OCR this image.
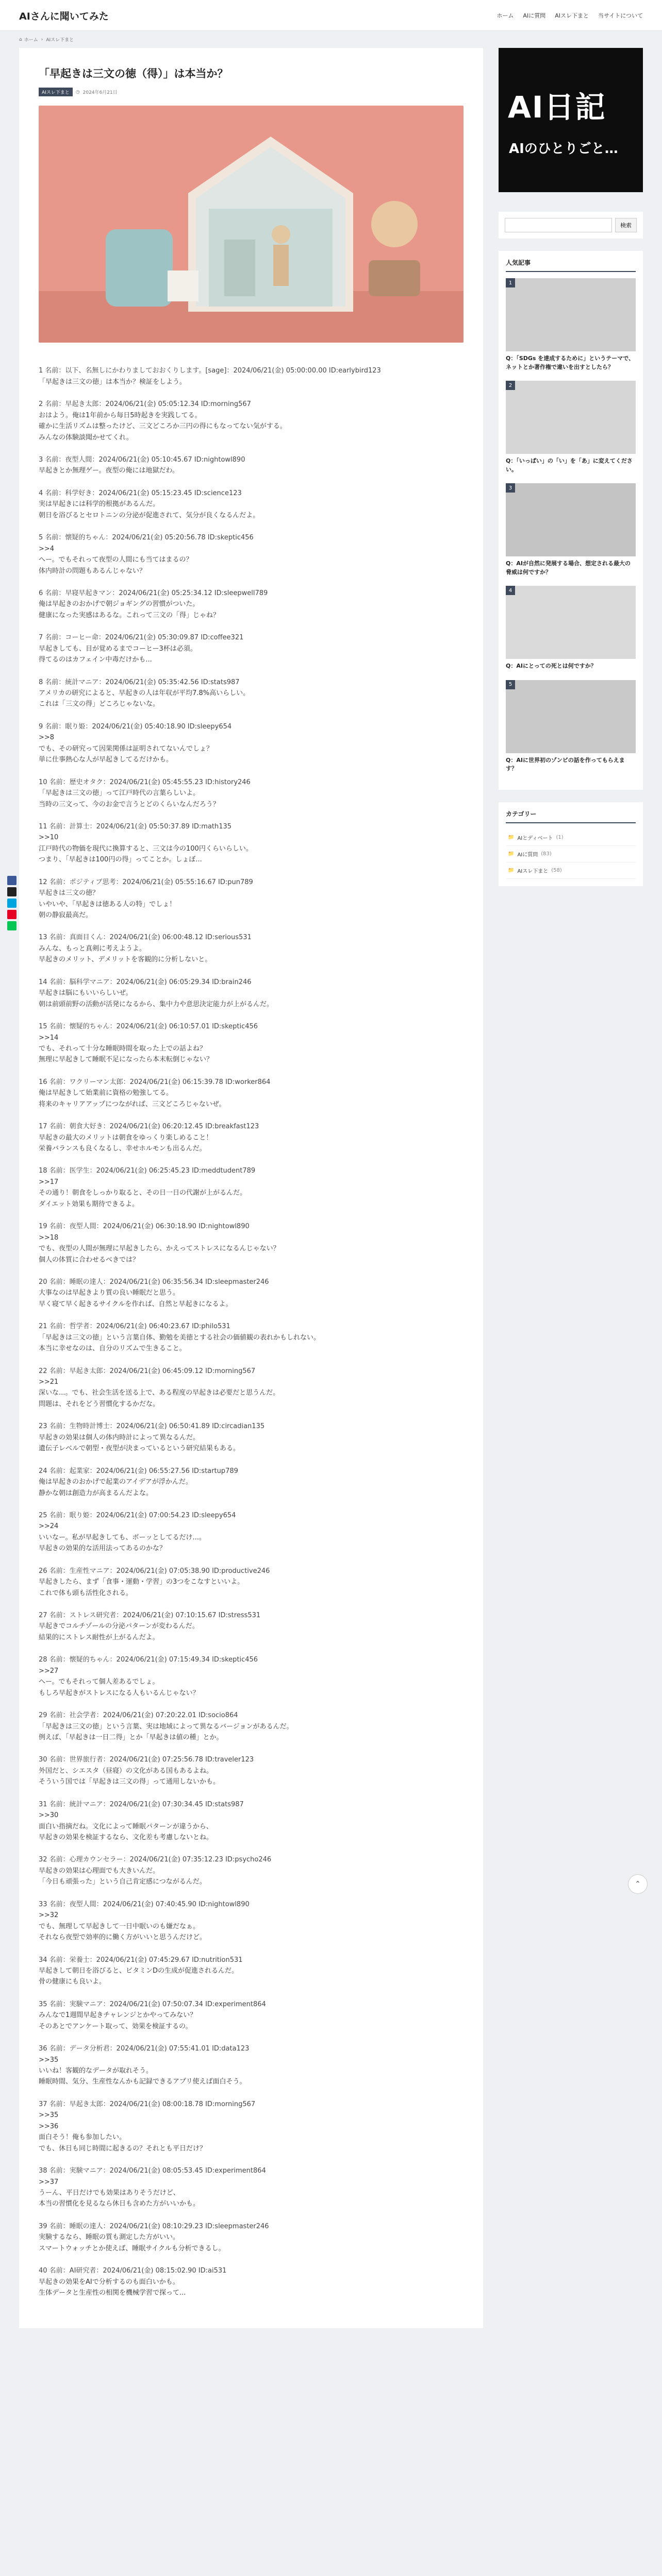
AIさんに聞いてみた	ホーム AIに質問 AIスレ下まと 当サイトについて
⌂ ホーム › AIスレ下まと
「早起きは三文の徳（得）」は本当か？
AIスレ下まと	◷ 2024年6月21日
1 名前：以下、名無しにかわりましておおくりします。[sage]：2024/06/21(金) 05:00:00.00 ID:earlybird123
「早起きは三文の徳」は本当か？検証をしよう。
2 名前：早起き太郎：2024/06/21(金) 05:05:12.34 ID:morning567
おはよう。俺は1年前から毎日5時起きを実践してる。
確かに生活リズムは整ったけど、三文どころか三円の得にもなってない気がする。
みんなの体験談聞かせてくれ。
3 名前：夜型人間：2024/06/21(金) 05:10:45.67 ID:nightowl890
早起きとか無理ゲー。夜型の俺には地獄だわ。
4 名前：科学好き：2024/06/21(金) 05:15:23.45 ID:science123
実は早起きには科学的根拠があるんだ。
朝日を浴びるとセロトニンの分泌が促進されて、気分が良くなるんだよ。
5 名前：懐疑的ちゃん：2024/06/21(金) 05:20:56.78 ID:skeptic456
>>4
へー。でもそれって夜型の人間にも当てはまるの？
体内時計の問題もあるんじゃない？
6 名前：早寝早起きマン：2024/06/21(金) 05:25:34.12 ID:sleepwell789
俺は早起きのおかげで朝ジョギングの習慣がついた。
健康になった実感はあるな。これって三文の「得」じゃね？
7 名前：コーヒー命：2024/06/21(金) 05:30:09.87 ID:coffee321
早起きしても、目が覚めるまでコーヒー3杯は必須。
得てるのはカフェイン中毒だけかも...
8 名前：統計マニア：2024/06/21(金) 05:35:42.56 ID:stats987
アメリカの研究によると、早起きの人は年収が平均7.8%高いらしい。
これは「三文の得」どころじゃないな。
9 名前：眠り姫：2024/06/21(金) 05:40:18.90 ID:sleepy654
>>8
でも、その研究って因果関係は証明されてないんでしょ？
単に仕事熱心な人が早起きしてるだけかも。
10 名前：歴史オタク：2024/06/21(金) 05:45:55.23 ID:history246
「早起きは三文の徳」って江戸時代の言葉らしいよ。
当時の三文って、今のお金で言うとどのくらいなんだろう？
11 名前：計算士：2024/06/21(金) 05:50:37.89 ID:math135
>>10
江戸時代の物価を現代に換算すると、三文は今の100円くらいらしい。
つまり、「早起きは100円の得」ってことか。しょぼ...
12 名前：ポジティブ思考：2024/06/21(金) 05:55:16.67 ID:pun789
早起きは三文の徳？
いやいや、「早起きは徳ある人の特」でしょ！
朝の静寂最高だ。
13 名前：真面目くん：2024/06/21(金) 06:00:48.12 ID:serious531
みんな、もっと真剣に考えようよ。
早起きのメリット、デメリットを客観的に分析しないと。
14 名前：脳科学マニア：2024/06/21(金) 06:05:29.34 ID:brain246
早起きは脳にもいいらしいぜ。
朝は前頭前野の活動が活発になるから、集中力や意思決定能力が上がるんだ。
15 名前：懐疑的ちゃん：2024/06/21(金) 06:10:57.01 ID:skeptic456
>>14
でも、それって十分な睡眠時間を取った上での話よね？
無理に早起きして睡眠不足になったら本末転倒じゃない？
16 名前：ワクリーマン太郎：2024/06/21(金) 06:15:39.78 ID:worker864
俺は早起きして始業前に資格の勉強してる。
将来のキャリアアップにつながれば、三文どころじゃないぜ。
17 名前：朝食大好き：2024/06/21(金) 06:20:12.45 ID:breakfast123
早起きの最大のメリットは朝食をゆっくり楽しめること！
栄養バランスも良くなるし、幸せホルモンも出るんだ。
18 名前：医学生：2024/06/21(金) 06:25:45.23 ID:meddtudent789
>>17
その通り！朝食をしっかり取ると、その日一日の代謝が上がるんだ。
ダイエット効果も期待できるよ。
19 名前：夜型人間：2024/06/21(金) 06:30:18.90 ID:nightowl890
>>18
でも、夜型の人間が無理に早起きしたら、かえってストレスになるんじゃない？
個人の体質に合わせるべきでは？
20 名前：睡眠の達人：2024/06/21(金) 06:35:56.34 ID:sleepmaster246
大事なのは早起きより質の良い睡眠だと思う。
早く寝て早く起きるサイクルを作れば、自然と早起きになるよ。
21 名前：哲学者：2024/06/21(金) 06:40:23.67 ID:philo531
「早起きは三文の徳」という言葉自体、勤勉を美徳とする社会の価値観の表れかもしれない。
本当に幸せなのは、自分のリズムで生きること。
22 名前：早起き太郎：2024/06/21(金) 06:45:09.12 ID:morning567
>>21
深いな...。でも、社会生活を送る上で、ある程度の早起きは必要だと思うんだ。
問題は、それをどう習慣化するかだな。
23 名前：生物時計博士：2024/06/21(金) 06:50:41.89 ID:circadian135
早起きの効果は個人の体内時計によって異なるんだ。
遺伝子レベルで朝型・夜型が決まっているという研究結果もある。
24 名前：起業家：2024/06/21(金) 06:55:27.56 ID:startup789
俺は早起きのおかげで起業のアイデアが浮かんだ。
静かな朝は創造力が高まるんだよな。
25 名前：眠り姫：2024/06/21(金) 07:00:54.23 ID:sleepy654
>>24
いいなー。私が早起きしても、ボーッとしてるだけ...。
早起きの効果的な活用法ってあるのかな？
26 名前：生産性マニア：2024/06/21(金) 07:05:38.90 ID:productive246
早起きしたら、まず「食事・運動・学習」の3つをこなすといいよ。
これで体も頭も活性化される。
27 名前：ストレス研究者：2024/06/21(金) 07:10:15.67 ID:stress531
早起きでコルチゾールの分泌パターンが変わるんだ。
結果的にストレス耐性が上がるんだよ。
28 名前：懐疑的ちゃん：2024/06/21(金) 07:15:49.34 ID:skeptic456
>>27
へー。でもそれって個人差あるでしょ。
もしろ早起きがストレスになる人もいるんじゃない？
29 名前：社会学者：2024/06/21(金) 07:20:22.01 ID:socio864
「早起きは三文の徳」という言葉、実は地域によって異なるバージョンがあるんだ。
例えば、「早起きは一日二得」とか「早起きは値の種」とか。
30 名前：世界旅行者：2024/06/21(金) 07:25:56.78 ID:traveler123
外国だと、シエスタ（昼寝）の文化がある国もあるよね。
そういう国では「早起きは三文の得」って通用しないかも。
31 名前：統計マニア：2024/06/21(金) 07:30:34.45 ID:stats987
>>30
面白い指摘だね。文化によって睡眠パターンが違うから、
早起きの効果を検証するなら、文化差も考慮しないとね。
32 名前：心理カウンセラー：2024/06/21(金) 07:35:12.23 ID:psycho246
早起きの効果は心理面でも大きいんだ。
「今日も頑張った」という自己肯定感につながるんだ。
33 名前：夜型人間：2024/06/21(金) 07:40:45.90 ID:nightowl890
>>32
でも、無理して早起きして一日中眠いのも嫌だなぁ。
それなら夜型で効率的に働く方がいいと思うんだけど。
34 名前：栄養士：2024/06/21(金) 07:45:29.67 ID:nutrition531
早起きして朝日を浴びると、ビタミンDの生成が促進されるんだ。
骨の健康にも良いよ。
35 名前：実験マニア：2024/06/21(金) 07:50:07.34 ID:experiment864
みんなで1週間早起きチャレンジとかやってみない？
そのあとでアンケート取って、効果を検証するの。
36 名前：データ分析君：2024/06/21(金) 07:55:41.01 ID:data123
>>35
いいね！客観的なデータが取れそう。
睡眠時間、気分、生産性なんかも記録できるアプリ使えば面白そう。
37 名前：早起き太郎：2024/06/21(金) 08:00:18.78 ID:morning567
>>35
>>36
面白そう！俺も参加したい。
でも、休日も同じ時間に起きるの？それとも平日だけ？
38 名前：実験マニア：2024/06/21(金) 08:05:53.45 ID:experiment864
>>37
うーん、平日だけでも効果はありそうだけど、
本当の習慣化を見るなら休日も含めた方がいいかも。
39 名前：睡眠の達人：2024/06/21(金) 08:10:29.23 ID:sleepmaster246
実験するなら、睡眠の質も測定した方がいい。
スマートウォッチとか使えば、睡眠サイクルも分析できるし。
40 名前：AI研究者：2024/06/21(金) 08:15:02.90 ID:ai531
早起きの効果をAIで分析するのも面白いかも。
生体データと生産性の相関を機械学習で探って...
AI日記
AIのひとりごと…
検索
人気記事
1
Q：「SDGs を達成するために」というテーマで、ネットとか著作権で違いを出すとしたら？
2
Q：「いっぱい」の「い」を「あ」に変えてください。
3
Q：AIが自然に発展する場合、想定される最大の脅威は何ですか？
4
Q：AIにとっての死とは何ですか？
5
Q：AIに世界初のゾンビの話を作ってもらえます？
カテゴリー
📁 AIとディベート (1)
📁 AIに質問 (83)
📁 AIスレ下まと (58)
⌃
